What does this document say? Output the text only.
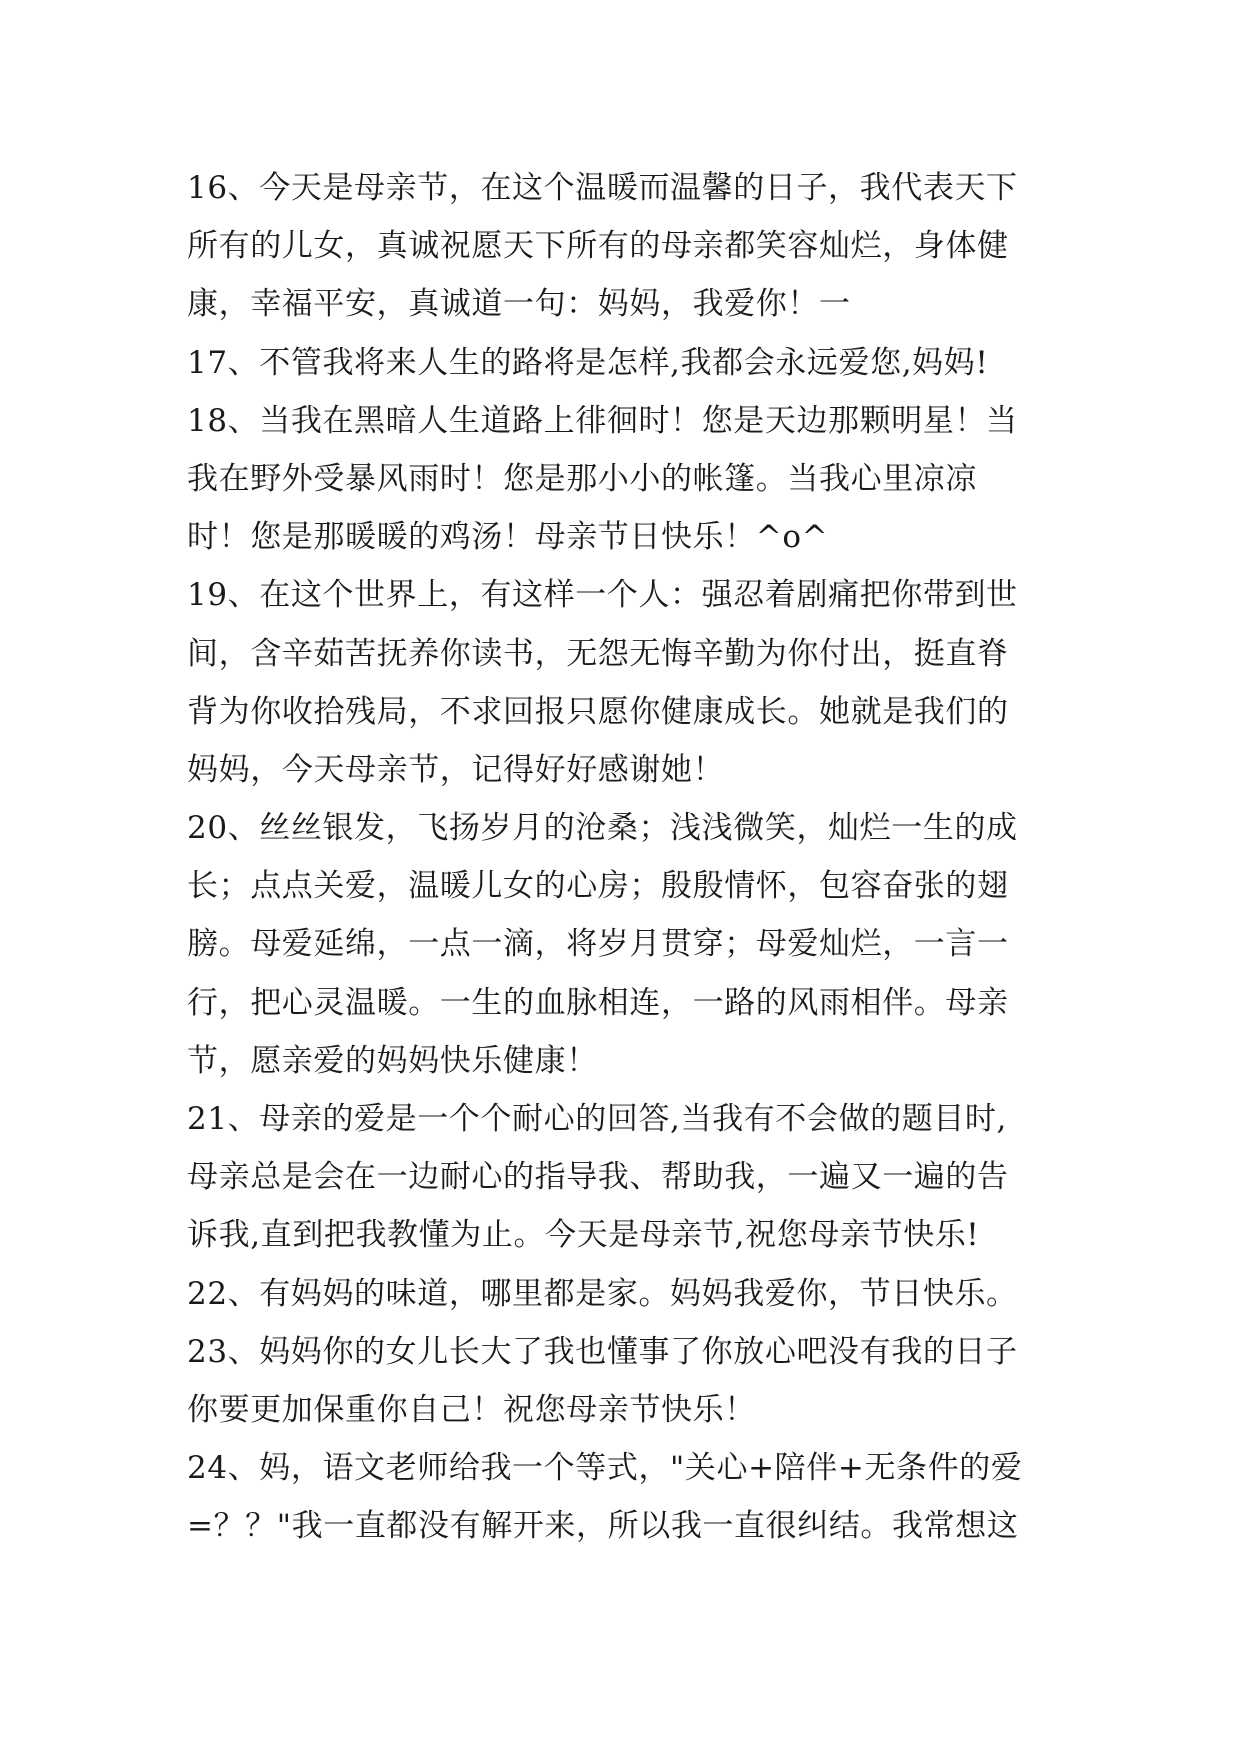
16、今天是母亲节，在这个温暖而温馨的日子，我代表天下
所有的儿女，真诚祝愿天下所有的母亲都笑容灿烂，身体健
康，幸福平安，真诚道一句：妈妈，我爱你！一
17、不管我将来人生的路将是怎样,我都会永远爱您,妈妈!
18、当我在黑暗人生道路上徘徊时！您是天边那颗明星！当
我在野外受暴风雨时！您是那小小的帐篷。当我心里凉凉
时！您是那暖暖的鸡汤！母亲节日快乐！^o^
19、在这个世界上，有这样一个人：强忍着剧痛把你带到世
间，含辛茹苦抚养你读书，无怨无悔辛勤为你付出，挺直脊
背为你收拾残局，不求回报只愿你健康成长。她就是我们的
妈妈，今天母亲节，记得好好感谢她！
20、丝丝银发，飞扬岁月的沧桑；浅浅微笑，灿烂一生的成
长；点点关爱，温暖儿女的心房；殷殷情怀，包容奋张的翅
膀。母爱延绵，一点一滴，将岁月贯穿；母爱灿烂，一言一
行，把心灵温暖。一生的血脉相连，一路的风雨相伴。母亲
节，愿亲爱的妈妈快乐健康！
21、母亲的爱是一个个耐心的回答,当我有不会做的题目时,
母亲总是会在一边耐心的指导我、帮助我，一遍又一遍的告
诉我,直到把我教懂为止。今天是母亲节,祝您母亲节快乐!
22、有妈妈的味道，哪里都是家。妈妈我爱你，节日快乐。
23、妈妈你的女儿长大了我也懂事了你放心吧没有我的日子
你要更加保重你自己！祝您母亲节快乐！
24、妈，语文老师给我一个等式，"关心+陪伴+无条件的爱
=？？"我一直都没有解开来，所以我一直很纠结。我常想这
